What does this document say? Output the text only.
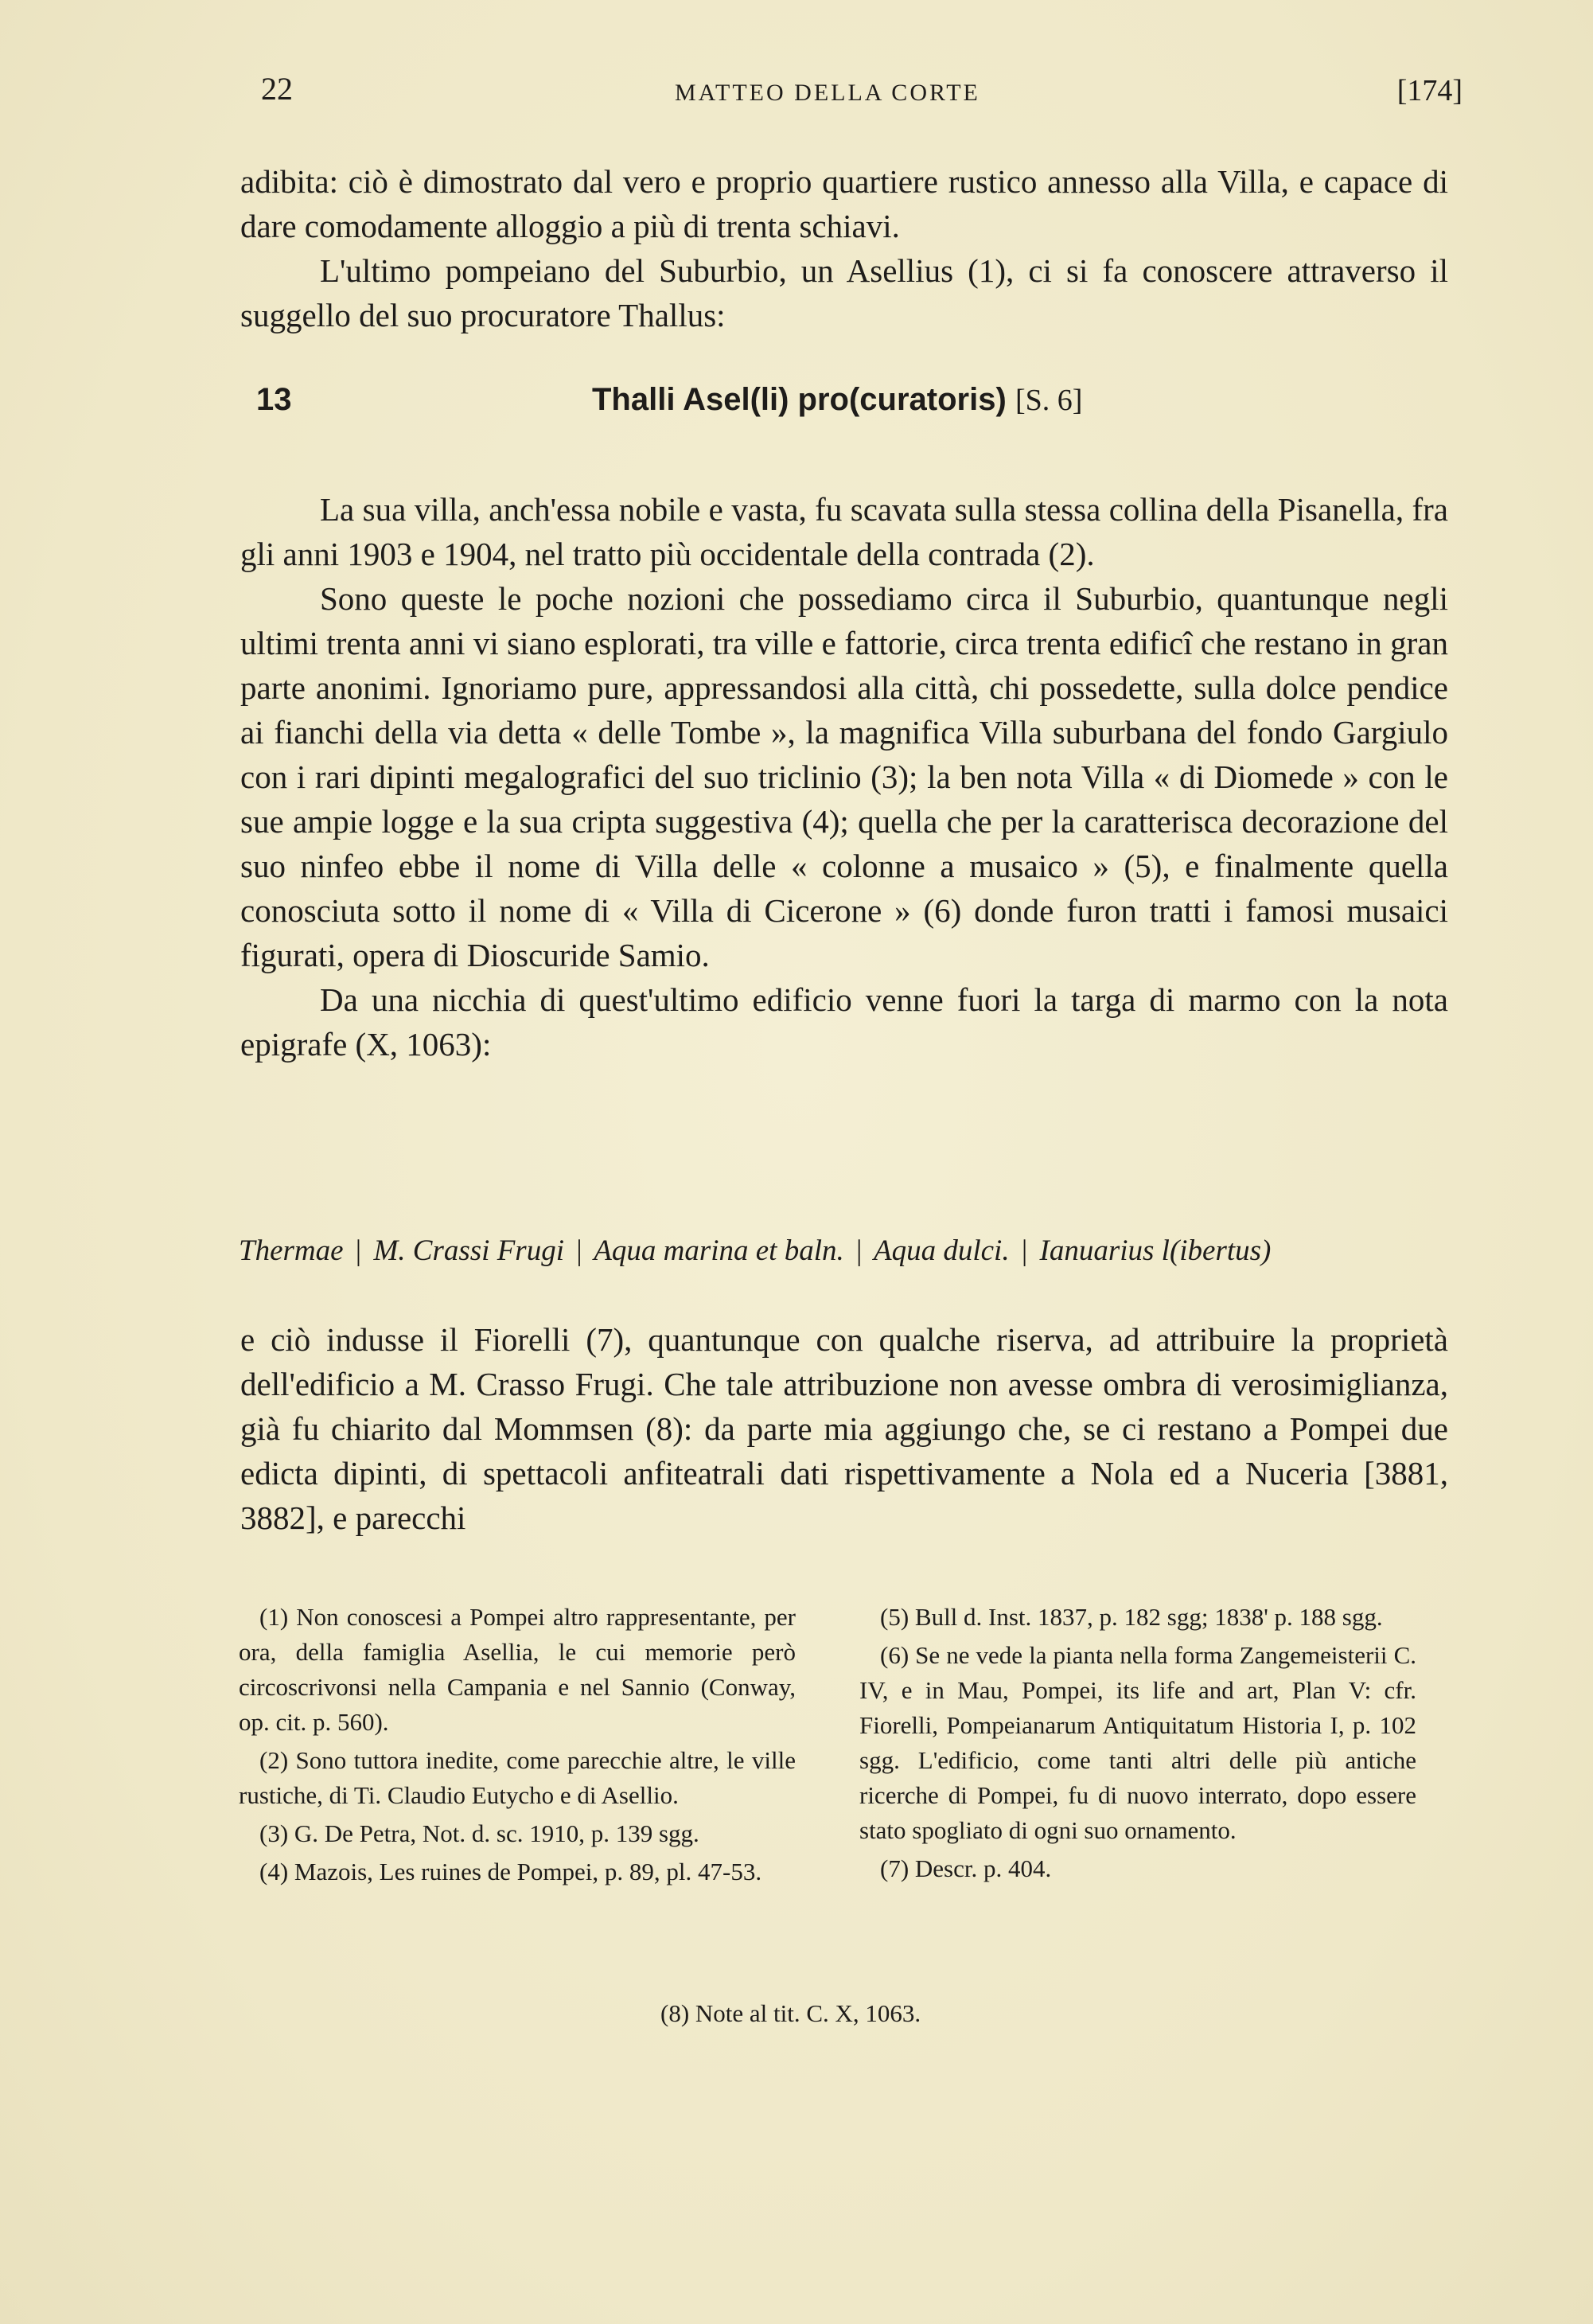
22	MATTEO DELLA CORTE	[174]

adibita: ciò è dimostrato dal vero e proprio quartiere rustico annesso alla Villa, e capace di dare comodamente alloggio a più di trenta schiavi.

L'ultimo pompeiano del Suburbio, un Asellius (1), ci si fa conoscere attraverso il suggello del suo procuratore Thallus:

13	Thalli Asel(li) pro(curatoris) [S. 6]

La sua villa, anch'essa nobile e vasta, fu scavata sulla stessa collina della Pisanella, fra gli anni 1903 e 1904, nel tratto più occidentale della contrada (2).

Sono queste le poche nozioni che possediamo circa il Suburbio, quantunque negli ultimi trenta anni vi siano esplorati, tra ville e fattorie, circa trenta edificî che restano in gran parte anonimi. Ignoriamo pure, appressandosi alla città, chi possedette, sulla dolce pendice ai fianchi della via detta « delle Tombe », la magnifica Villa suburbana del fondo Gargiulo con i rari dipinti megalografici del suo triclinio (3); la ben nota Villa « di Diomede » con le sue ampie logge e la sua cripta suggestiva (4); quella che per la caratterisca decorazione del suo ninfeo ebbe il nome di Villa delle « colonne a musaico » (5), e finalmente quella conosciuta sotto il nome di « Villa di Cicerone » (6) donde furon tratti i famosi musaici figurati, opera di Dioscuride Samio.

Da una nicchia di quest'ultimo edificio venne fuori la targa di marmo con la nota epigrafe (X, 1063):

Thermae | M. Crassi Frugi | Aqua marina et baln. | Aqua dulci. | Ianuarius l(ibertus)

e ciò indusse il Fiorelli (7), quantunque con qualche riserva, ad attribuire la proprietà dell'edificio a M. Crasso Frugi. Che tale attribuzione non avesse ombra di verosimiglianza, già fu chiarito dal Mommsen (8): da parte mia aggiungo che, se ci restano a Pompei due edicta dipinti, di spettacoli anfiteatrali dati rispettivamente a Nola ed a Nuceria [3881, 3882], e parecchi

(1) Non conoscesi a Pompei altro rappresentante, per ora, della famiglia Asellia, le cui memorie però circoscrivonsi nella Campania e nel Sannio (Conway, op. cit. p. 560).

(2) Sono tuttora inedite, come parecchie altre, le ville rustiche, di Ti. Claudio Eutycho e di Asellio.

(3) G. De Petra, Not. d. sc. 1910, p. 139 sgg.

(4) Mazois, Les ruines de Pompei, p. 89, pl. 47-53.

(5) Bull d. Inst. 1837, p. 182 sgg; 1838' p. 188 sgg.

(6) Se ne vede la pianta nella forma Zangemeisterii C. IV, e in Mau, Pompei, its life and art, Plan V: cfr. Fiorelli, Pompeianarum Antiquitatum Historia I, p. 102 sgg. L'edificio, come tanti altri delle più antiche ricerche di Pompei, fu di nuovo interrato, dopo essere stato spogliato di ogni suo ornamento.

(7) Descr. p. 404.

(8) Note al tit. C. X, 1063.
